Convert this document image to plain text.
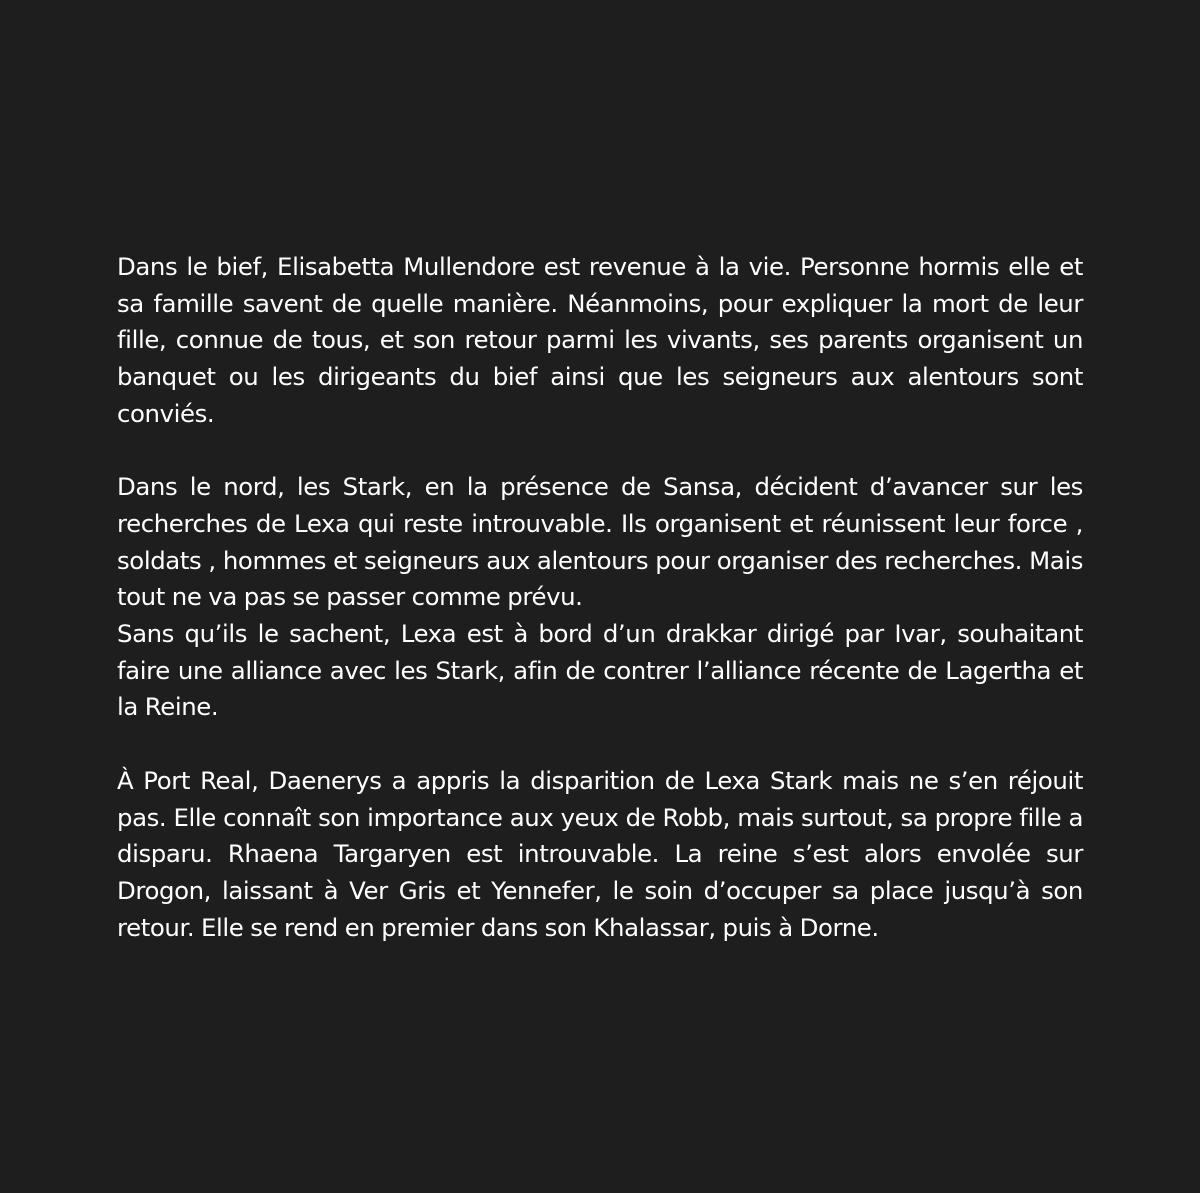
Dans le bief, Elisabetta Mullendore est revenue à la vie. Personne hormis elle et sa famille savent de quelle manière. Néanmoins, pour expliquer la mort de leur fille, connue de tous, et son retour parmi les vivants, ses parents organisent un banquet ou les dirigeants du bief ainsi que les seigneurs aux alentours sont conviés.

Dans le nord, les Stark, en la présence de Sansa, décident d’avancer sur les recherches de Lexa qui reste introuvable. Ils organisent et réunissent leur force , soldats , hommes et seigneurs aux alentours pour organiser des recherches. Mais tout ne va pas se passer comme prévu.

Sans qu’ils le sachent, Lexa est à bord d’un drakkar dirigé par Ivar, souhaitant faire une alliance avec les Stark, afin de contrer l’alliance récente de Lagertha et la Reine.

À Port Real, Daenerys a appris la disparition de Lexa Stark mais ne s’en réjouit pas. Elle connaît son importance aux yeux de Robb, mais surtout, sa propre fille a disparu. Rhaena Targaryen est introuvable. La reine s’est alors envolée sur Drogon, laissant à Ver Gris et Yennefer, le soin d’occuper sa place jusqu’à son retour. Elle se rend en premier dans son Khalassar, puis à Dorne.
